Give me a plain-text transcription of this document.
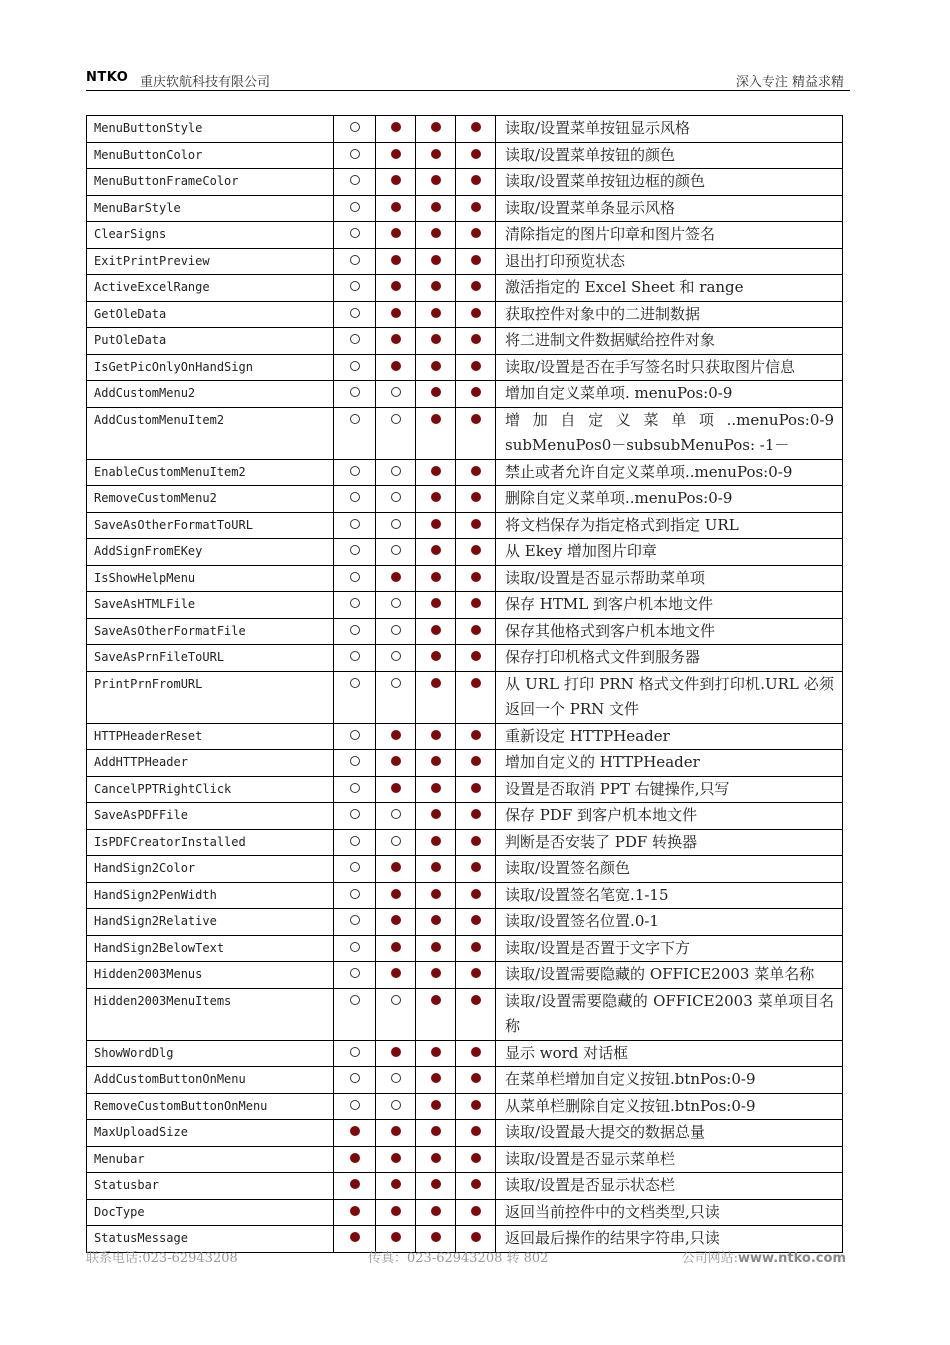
NTKO 重庆软航科技有限公司	深入专注 精益求精
MenuButtonStyle					读取/设置菜单按钮显示风格
MenuButtonColor					读取/设置菜单按钮的颜色
MenuButtonFrameColor					读取/设置菜单按钮边框的颜色
MenuBarStyle					读取/设置菜单条显示风格
ClearSigns					清除指定的图片印章和图片签名
ExitPrintPreview					退出打印预览状态
ActiveExcelRange					激活指定的 Excel Sheet 和 range
GetOleData					获取控件对象中的二进制数据
PutOleData					将二进制文件数据赋给控件对象
IsGetPicOnlyOnHandSign					读取/设置是否在手写签名时只获取图片信息
AddCustomMenu2					增加自定义菜单项. menuPos:0-9
AddCustomMenuItem2					增 加 自 定 义 菜 单 项 ..menuPos:0-9 subMenuPos0－subsubMenuPos: -1－
EnableCustomMenuItem2					禁止或者允许自定义菜单项..menuPos:0-9
RemoveCustomMenu2					删除自定义菜单项..menuPos:0-9
SaveAsOtherFormatToURL					将文档保存为指定格式到指定 URL
AddSignFromEKey					从 Ekey 增加图片印章
IsShowHelpMenu					读取/设置是否显示帮助菜单项
SaveAsHTMLFile					保存 HTML 到客户机本地文件
SaveAsOtherFormatFile					保存其他格式到客户机本地文件
SaveAsPrnFileToURL					保存打印机格式文件到服务器
PrintPrnFromURL					从 URL 打印 PRN 格式文件到打印机.URL 必须返回一个 PRN 文件
HTTPHeaderReset					重新设定 HTTPHeader
AddHTTPHeader					增加自定义的 HTTPHeader
CancelPPTRightClick					设置是否取消 PPT 右键操作,只写
SaveAsPDFFile					保存 PDF 到客户机本地文件
IsPDFCreatorInstalled					判断是否安装了 PDF 转换器
HandSign2Color					读取/设置签名颜色
HandSign2PenWidth					读取/设置签名笔宽.1-15
HandSign2Relative					读取/设置签名位置.0-1
HandSign2BelowText					读取/设置是否置于文字下方
Hidden2003Menus					读取/设置需要隐藏的 OFFICE2003 菜单名称
Hidden2003MenuItems					读取/设置需要隐藏的 OFFICE2003 菜单项目名称
ShowWordDlg					显示 word 对话框
AddCustomButtonOnMenu					在菜单栏增加自定义按钮.btnPos:0-9
RemoveCustomButtonOnMenu					从菜单栏删除自定义按钮.btnPos:0-9
MaxUploadSize					读取/设置最大提交的数据总量
Menubar					读取/设置是否显示菜单栏
Statusbar					读取/设置是否显示状态栏
DocType					返回当前控件中的文档类型,只读
StatusMessage					返回最后操作的结果字符串,只读
联系电话:023-62943208	传真：023-62943208 转 802	公司网站:www.ntko.com
